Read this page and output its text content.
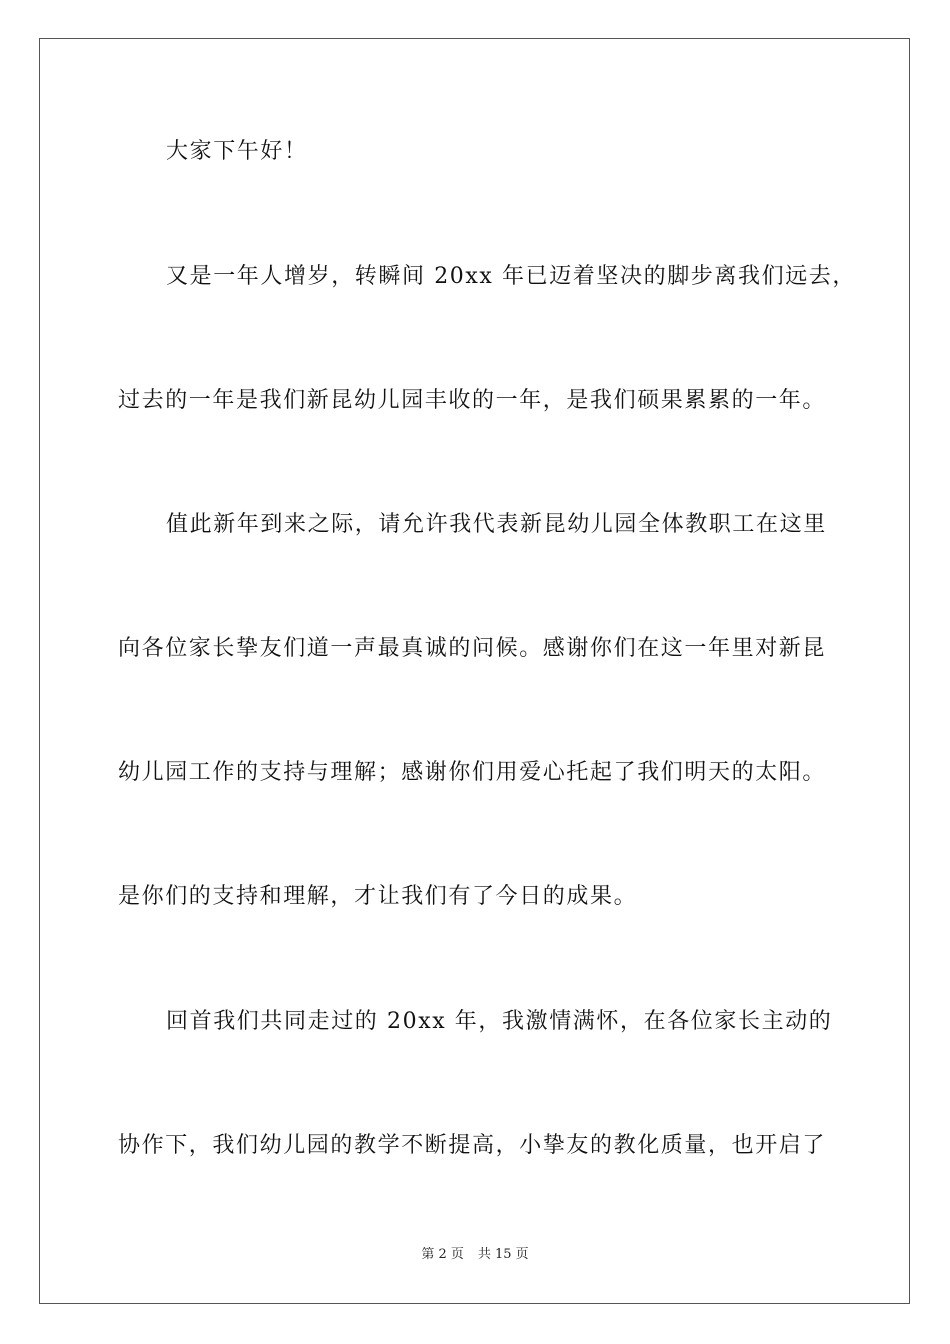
大家下午好！
又是一年人增岁，转瞬间 20xx 年已迈着坚决的脚步离我们远去，
过去的一年是我们新昆幼儿园丰收的一年，是我们硕果累累的一年。
值此新年到来之际，请允许我代表新昆幼儿园全体教职工在这里
向各位家长挚友们道一声最真诚的问候。感谢你们在这一年里对新昆
幼儿园工作的支持与理解；感谢你们用爱心托起了我们明天的太阳。
是你们的支持和理解，才让我们有了今日的成果。
回首我们共同走过的 20xx 年，我激情满怀，在各位家长主动的
协作下，我们幼儿园的教学不断提高，小挚友的教化质量，也开启了
第 2 页 共 15 页
